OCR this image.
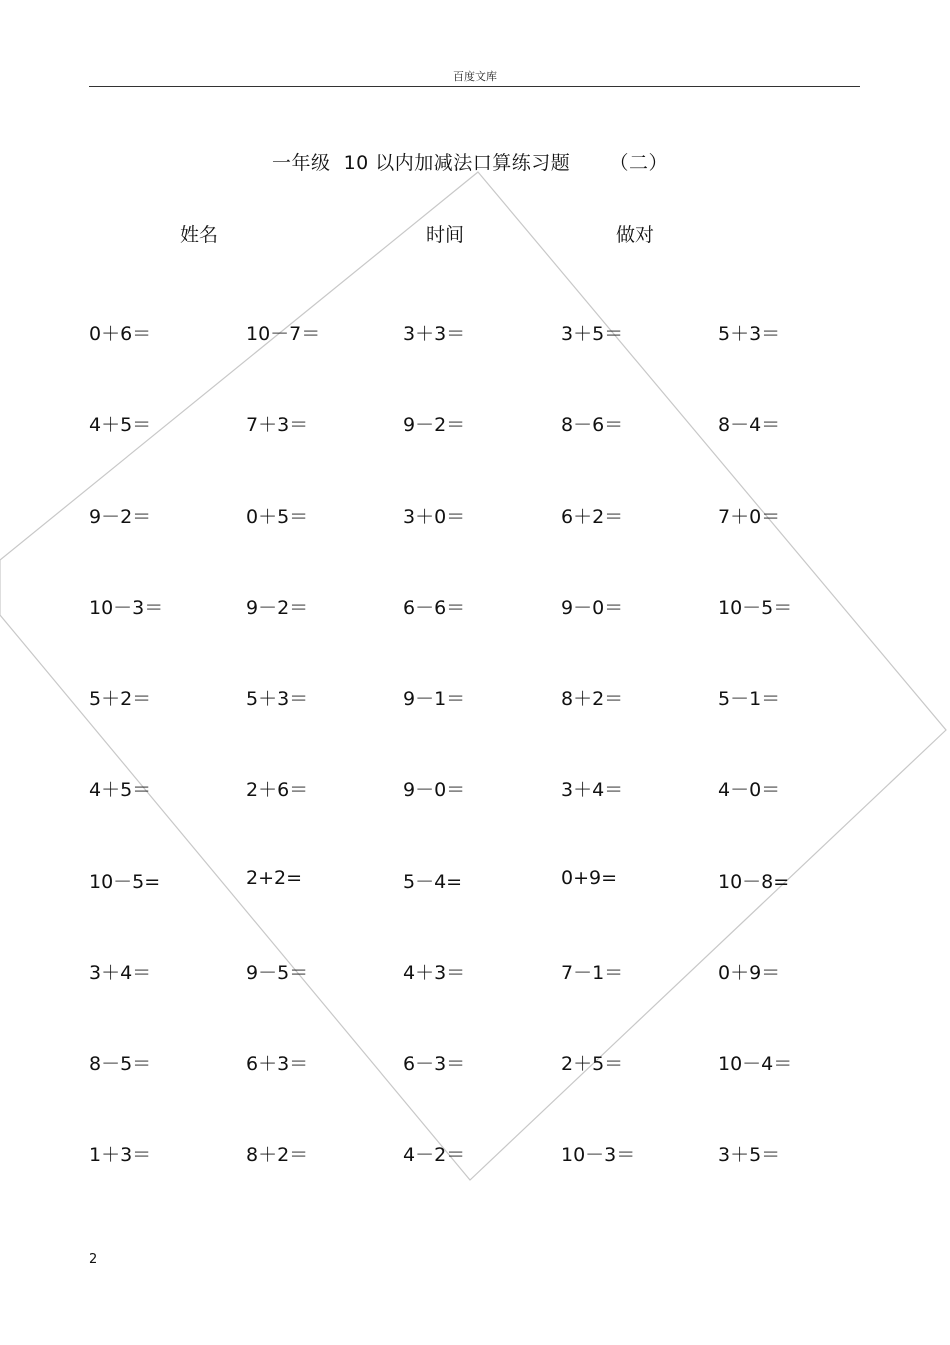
百度文库
一年级  10 以内加减法口算练习题      （二）
姓名	时间	做对
0＋6＝	10－7＝	3＋3＝	3＋5＝	5＋3＝
4＋5＝	7＋3＝	9－2＝	8－6＝	8－4＝
9－2＝	0＋5＝	3＋0＝	6＋2＝	7＋0＝
10－3＝	9－2＝	6－6＝	9－0＝	10－5＝
5＋2＝	5＋3＝	9－1＝	8＋2＝	5－1＝
4＋5＝	2＋6＝	9－0＝	3＋4＝	4－0＝
10－5=	2+2=	5－4=	0+9=	10－8=
3＋4＝	9－5＝	4＋3＝	7－1＝	0＋9＝
8－5＝	6＋3＝	6－3＝	2＋5＝	10－4＝
1＋3＝	8＋2＝	4－2＝	10－3＝	3＋5＝
2
